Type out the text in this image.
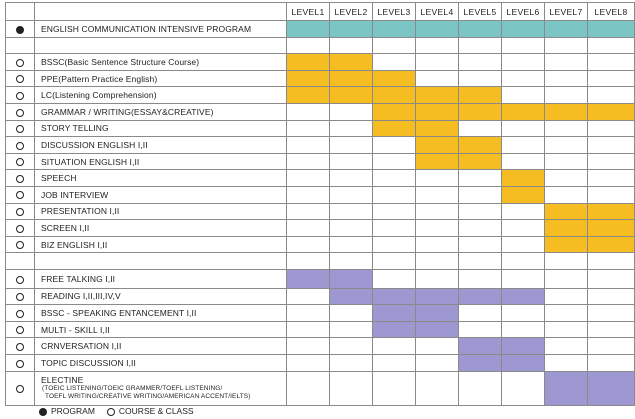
		LEVEL1	LEVEL2	LEVEL3	LEVEL4	LEVEL5	LEVEL6	LEVEL7	LEVEL8
	ENGLISH COMMUNICATION INTENSIVE PROGRAM								

	BSSC(Basic Sentence Structure Course)								
	PPE(Pattern Practice English)								
	LC(Listening Comprehension)								
	GRAMMAR / WRITING(ESSAY&CREATIVE)								
	STORY TELLING								
	DISCUSSION ENGLISH I,II								
	SITUATION ENGLISH I,II								
	SPEECH								
	JOB INTERVIEW								
	PRESENTATION I,II								
	SCREEN I,II								
	BIZ ENGLISH I,II								

	FREE TALKING I,II								
	READING I,II,III,IV,V								
	BSSC - SPEAKING ENTANCEMENT I,II								
	MULTI - SKILL I,II								
	CRNVERSATION I,II								
	TOPIC DISCUSSION I,II								

	ELECTINE
(TOEIC LISTENING/TOEIC GRAMMER/TOEFL LISTENING/
TOEFL WRITING/CREATIVE WRITING/AMERICAN ACCENT/IELTS)								

PROGRAM	COURSE & CLASS
